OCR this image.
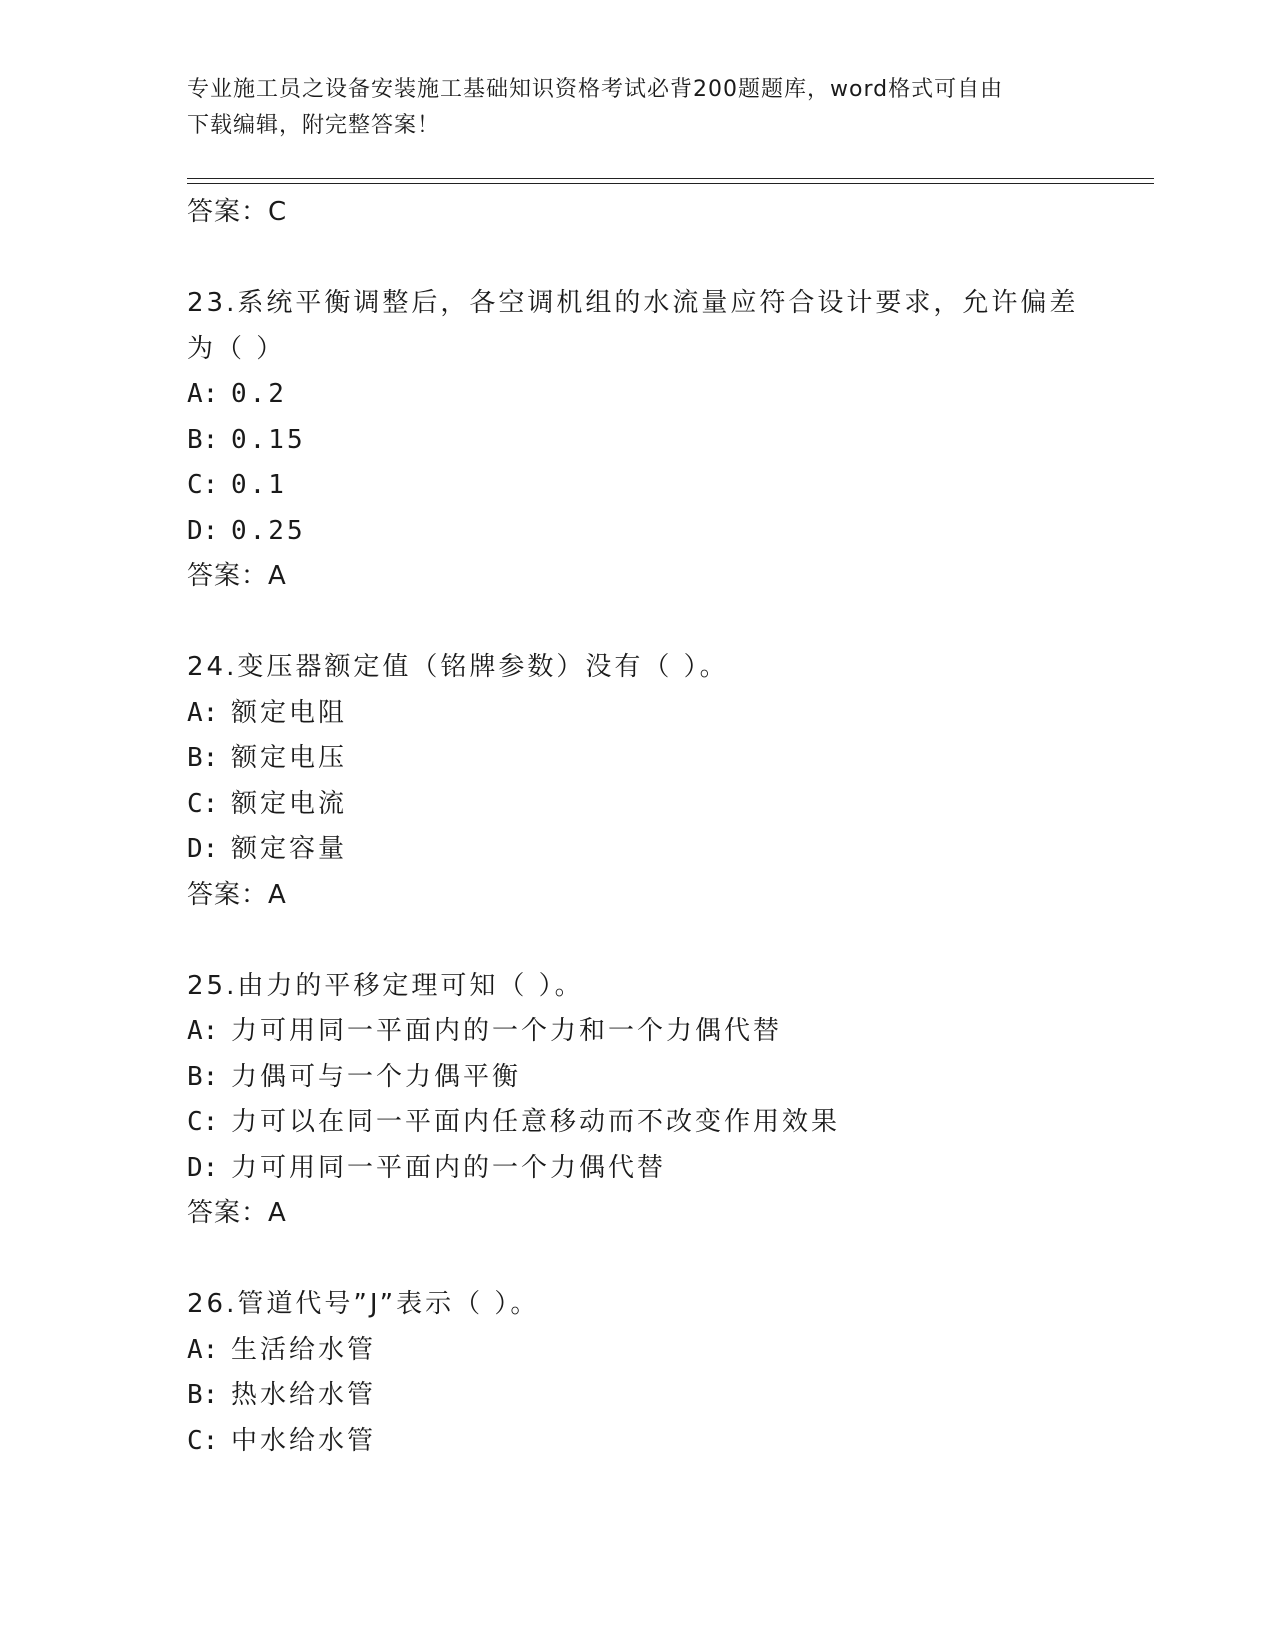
专业施工员之设备安装施工基础知识资格考试必背200题题库，word格式可自由
下载编辑，附完整答案！
答案：C
23.系统平衡调整后，各空调机组的水流量应符合设计要求，允许偏差
为（ ）
A: 0.2
B: 0.15
C: 0.1
D: 0.25
答案：A
24.变压器额定值（铭牌参数）没有（ ）。
A: 额定电阻
B: 额定电压
C: 额定电流
D: 额定容量
答案：A
25.由力的平移定理可知（ ）。
A: 力可用同一平面内的一个力和一个力偶代替
B: 力偶可与一个力偶平衡
C: 力可以在同一平面内任意移动而不改变作用效果
D: 力可用同一平面内的一个力偶代替
答案：A
26.管道代号”J”表示（ ）。
A: 生活给水管
B: 热水给水管
C: 中水给水管
